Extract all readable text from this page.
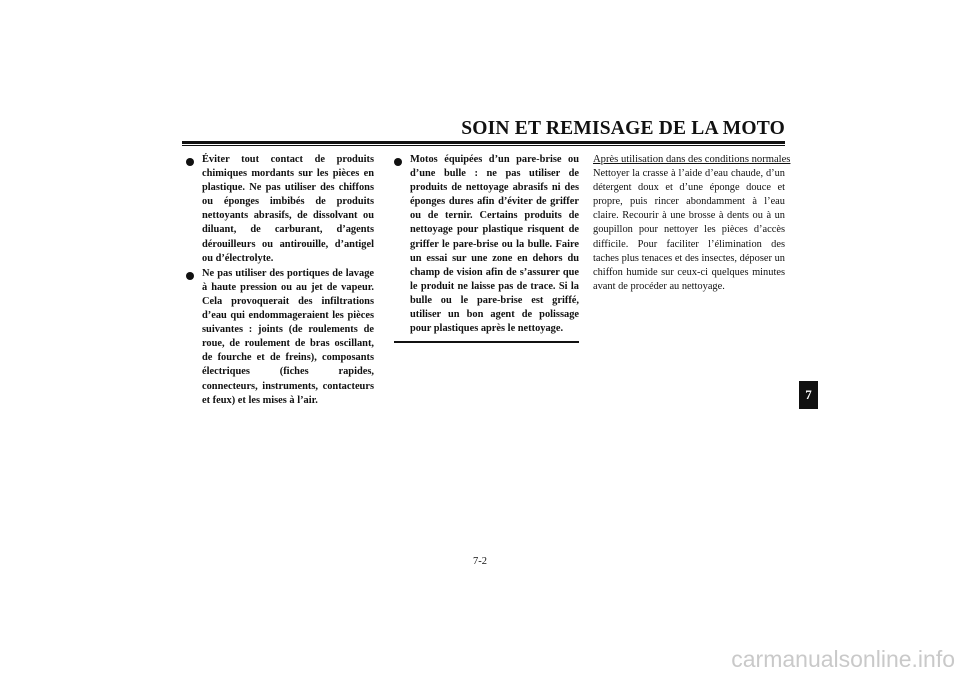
SOIN ET REMISAGE DE LA MOTO

Éviter tout contact de produits chimiques mordants sur les pièces en plastique. Ne pas utiliser des chiffons ou éponges imbibés de produits nettoyants abrasifs, de dissolvant ou diluant, de carburant, d’agents dérouilleurs ou antirouille, d’antigel ou d’électrolyte.

Ne pas utiliser des portiques de lavage à haute pression ou au jet de vapeur. Cela provoquerait des infiltrations d’eau qui endommageraient les pièces suivantes : joints (de roulements de roue, de roulement de bras oscillant, de fourche et de freins), composants électriques (fiches rapides, connecteurs, instruments, contacteurs et feux) et les mises à l’air.

Motos équipées d’un pare-brise ou d’une bulle : ne pas utiliser de produits de nettoyage abrasifs ni des éponges dures afin d’éviter de griffer ou de ternir. Certains produits de nettoyage pour plastique risquent de griffer le pare-brise ou la bulle. Faire un essai sur une zone en dehors du champ de vision afin de s’assurer que le produit ne laisse pas de trace. Si la bulle ou le pare-brise est griffé, utiliser un bon agent de polissage pour plastiques après le nettoyage.

Après utilisation dans des conditions normales

Nettoyer la crasse à l’aide d’eau chaude, d’un détergent doux et d’une éponge douce et propre, puis rincer abondamment à l’eau claire. Recourir à une brosse à dents ou à un goupillon pour nettoyer les pièces d’accès difficile. Pour faciliter l’élimination des taches plus tenaces et des insectes, déposer un chiffon humide sur ceux-ci quelques minutes avant de procéder au nettoyage.

7
7-2
carmanualsonline.info
